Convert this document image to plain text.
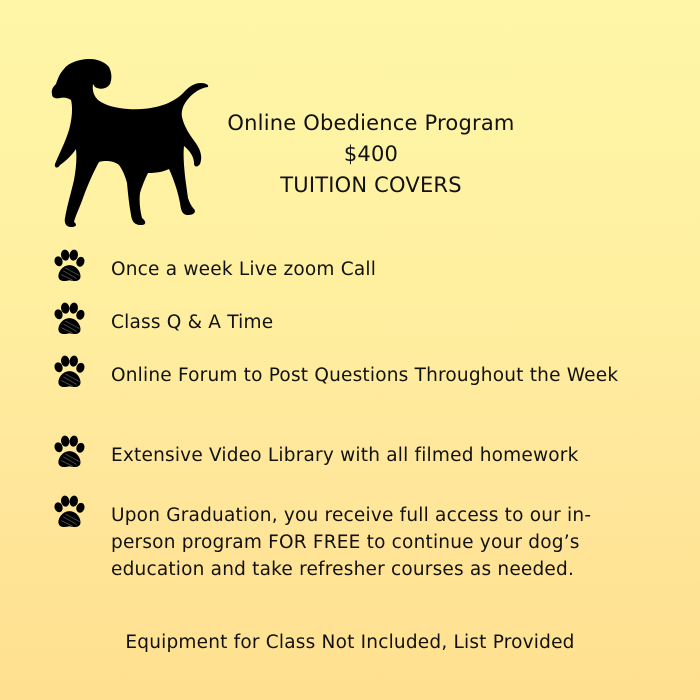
Online Obedience Program
$400
TUITION COVERS
Once a week Live zoom Call
Class Q & A Time
Online Forum to Post Questions Throughout the Week
Extensive Video Library with all filmed homework
Upon Graduation, you receive full access to our in-person program FOR FREE to continue your dog’s education and take refresher courses as needed.
Equipment for Class Not Included, List Provided
